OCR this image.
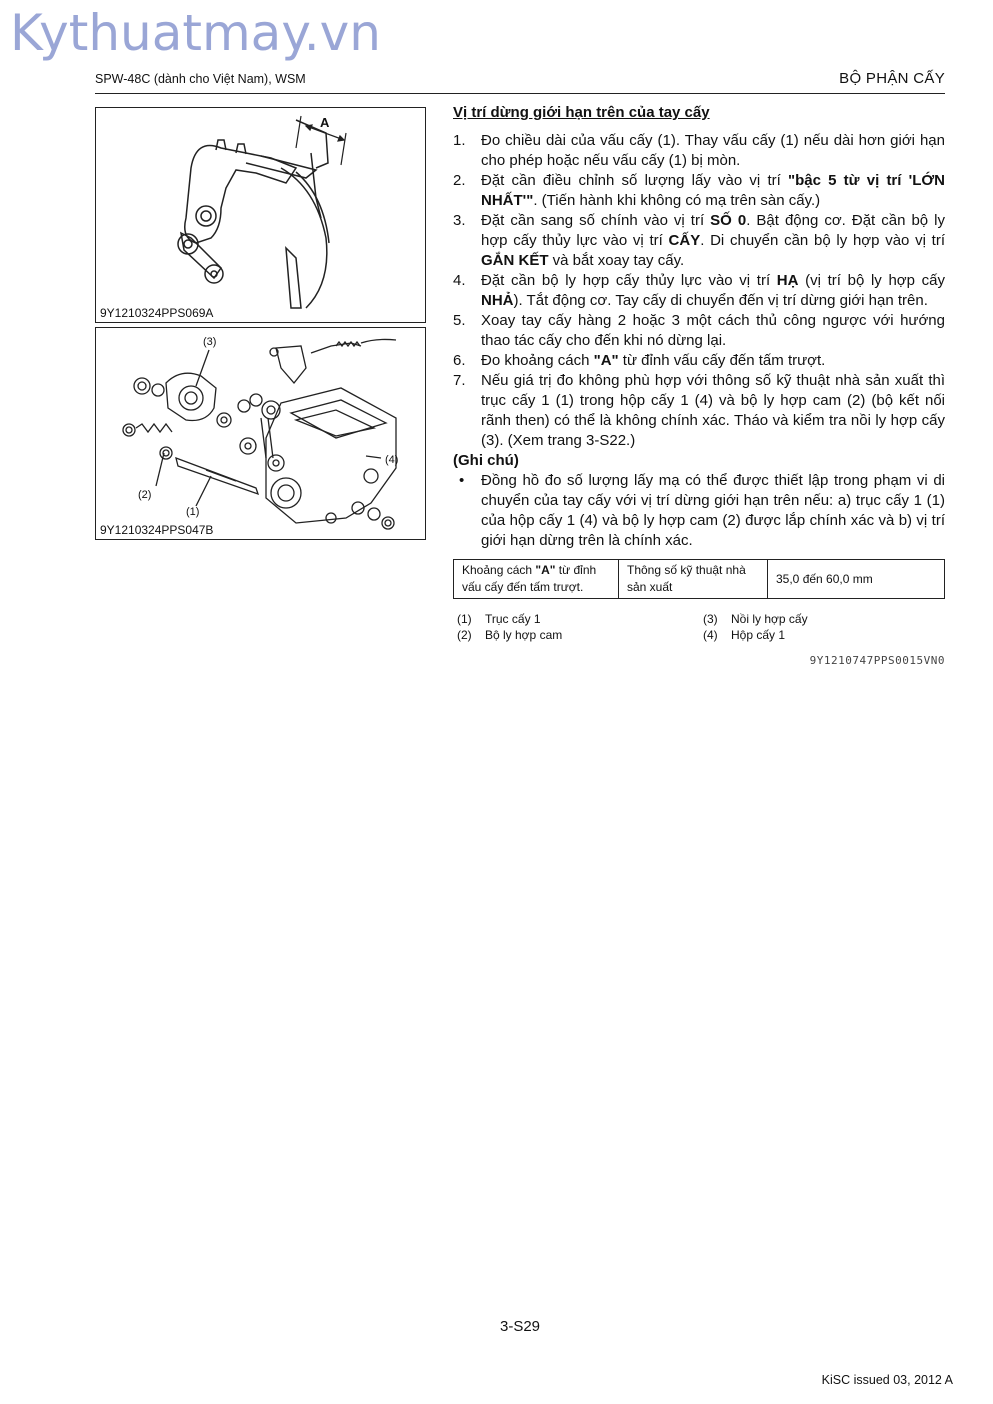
Kythuatmay.vn
SPW-48C (dành cho Việt Nam), WSM	BỘ PHẬN CẤY
A
9Y1210324PPS069A
(3)
(2)
(1)
(4)
9Y1210324PPS047B
Vị trí dừng giới hạn trên của tay cấy
1.	Đo chiều dài của vấu cấy (1). Thay vấu cấy (1) nếu dài hơn giới hạn cho phép hoặc nếu vấu cấy (1) bị mòn.
2.	Đặt cần điều chỉnh số lượng lấy vào vị trí "bậc 5 từ vị trí 'LỚN NHẤT'". (Tiến hành khi không có mạ trên sàn cấy.)
3.	Đặt cần sang số chính vào vị trí SỐ 0. Bật động cơ. Đặt cần bộ ly hợp cấy thủy lực vào vị trí CẤY. Di chuyển cần bộ ly hợp vào vị trí GẮN KẾT và bắt xoay tay cấy.
4.	Đặt cần bộ ly hợp cấy thủy lực vào vị trí HẠ (vị trí bộ ly hợp cấy NHẢ). Tắt động cơ. Tay cấy di chuyển đến vị trí dừng giới hạn trên.
5.	Xoay tay cấy hàng 2 hoặc 3 một cách thủ công ngược với hướng thao tác cấy cho đến khi nó dừng lại.
6.	Đo khoảng cách "A" từ đỉnh vấu cấy đến tấm trượt.
7.	Nếu giá trị đo không phù hợp với thông số kỹ thuật nhà sản xuất thì trục cấy 1 (1) trong hộp cấy 1 (4) và bộ ly hợp cam (2) (bộ kết nối rãnh then) có thể là không chính xác. Tháo và kiểm tra nồi ly hợp cấy (3). (Xem trang 3-S22.)
(Ghi chú)
•	Đồng hồ đo số lượng lấy mạ có thể được thiết lập trong phạm vi di chuyển của tay cấy với vị trí dừng giới hạn trên nếu: a) trục cấy 1 (1) của hộp cấy 1 (4) và bộ ly hợp cam (2) được lắp chính xác và b) vị trí giới hạn dừng trên là chính xác.
Khoảng cách "A" từ đỉnh vấu cấy đến tấm trượt.	Thông số kỹ thuật nhà sản xuất	35,0 đến 60,0 mm
(1) Trục cấy 1	(3) Nồi ly hợp cấy
(2) Bộ ly hợp cam	(4) Hộp cấy 1
9Y1210747PPS0015VN0
3-S29
KiSC issued 03, 2012 A
